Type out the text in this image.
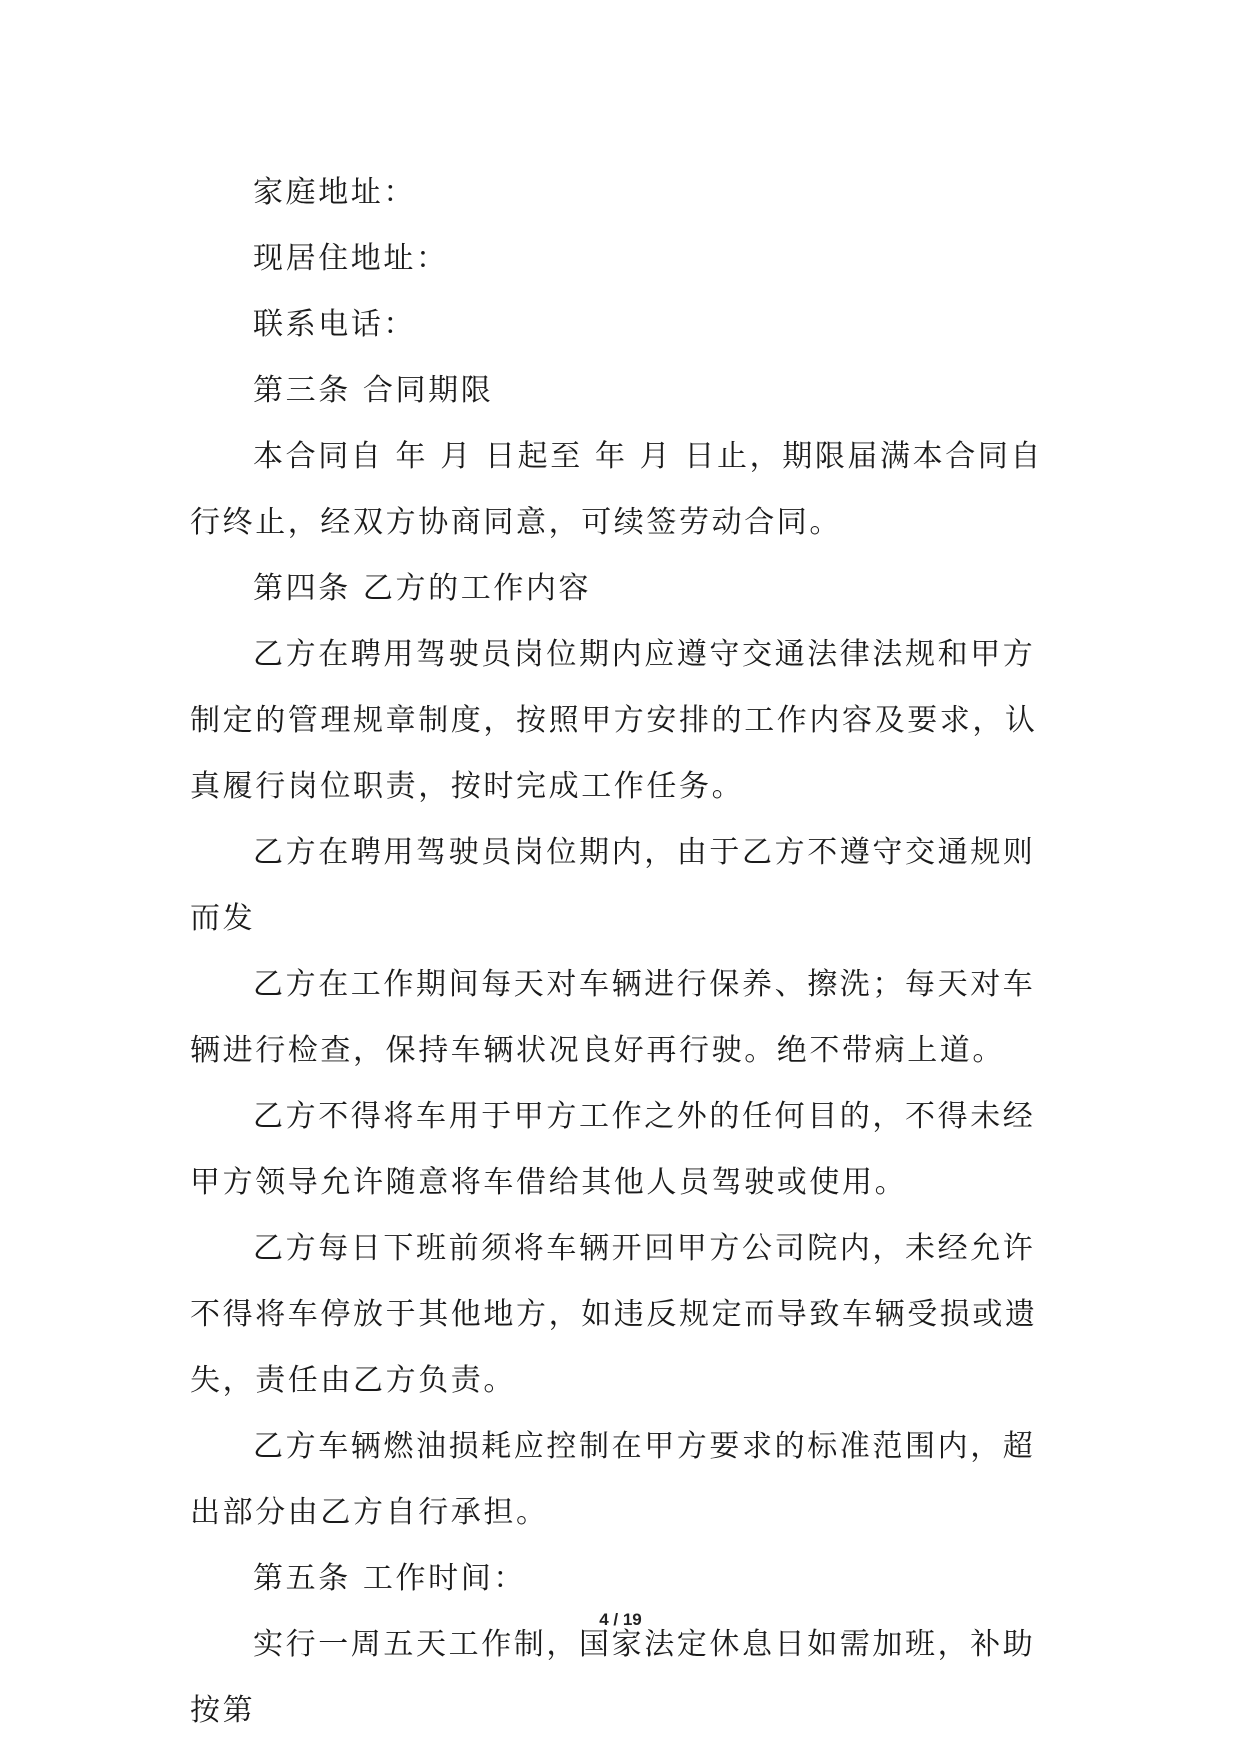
家庭地址：

现居住地址：

联系电话：

第三条 合同期限

本合同自 年 月 日起至 年 月 日止，期限届满本合同自行终止，经双方协商同意，可续签劳动合同。

第四条 乙方的工作内容

乙方在聘用驾驶员岗位期内应遵守交通法律法规和甲方制定的管理规章制度，按照甲方安排的工作内容及要求，认真履行岗位职责，按时完成工作任务。

乙方在聘用驾驶员岗位期内，由于乙方不遵守交通规则而发

乙方在工作期间每天对车辆进行保养、擦洗；每天对车辆进行检查，保持车辆状况良好再行驶。绝不带病上道。

乙方不得将车用于甲方工作之外的任何目的，不得未经甲方领导允许随意将车借给其他人员驾驶或使用。

乙方每日下班前须将车辆开回甲方公司院内，未经允许不得将车停放于其他地方，如违反规定而导致车辆受损或遗失，责任由乙方负责。

乙方车辆燃油损耗应控制在甲方要求的标准范围内，超出部分由乙方自行承担。

第五条 工作时间：

实行一周五天工作制，国家法定休息日如需加班，补助按第

4 / 19
